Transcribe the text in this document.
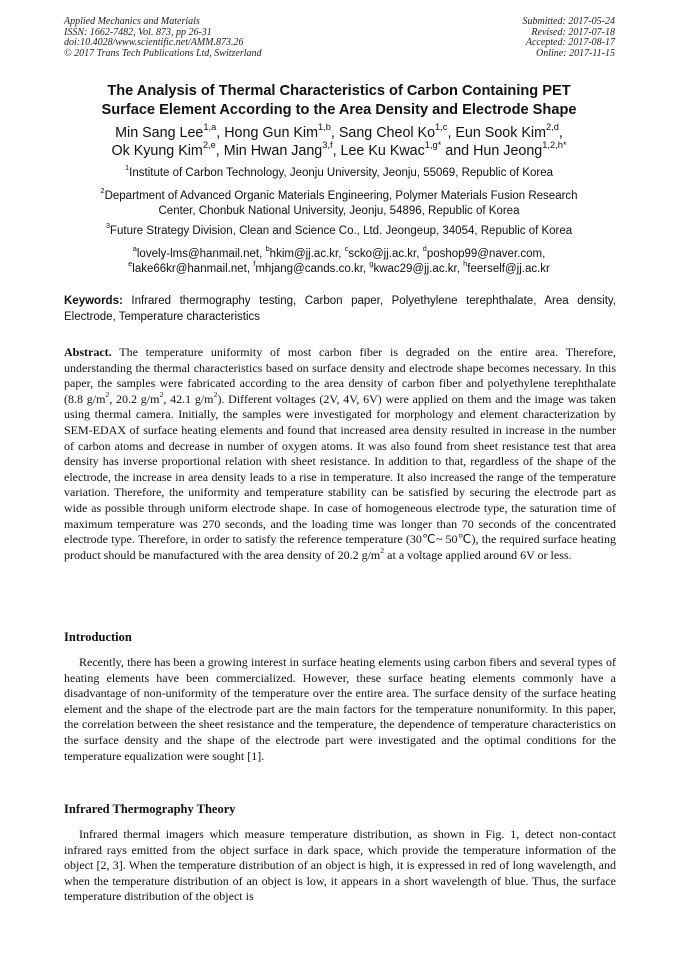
Applied Mechanics and Materials
ISSN: 1662-7482, Vol. 873, pp 26-31
doi:10.4028/www.scientific.net/AMM.873.26
© 2017 Trans Tech Publications Ltd, Switzerland
Submitted: 2017-05-24
Revised: 2017-07-18
Accepted: 2017-08-17
Online: 2017-11-15
The Analysis of Thermal Characteristics of Carbon Containing PET
Surface Element According to the Area Density and Electrode Shape
Min Sang Lee$^{1,a}$, Hong Gun Kim$^{1,b}$, Sang Cheol Ko$^{1,c}$, Eun Sook Kim$^{2,d}$,
Ok Kyung Kim$^{2,e}$, Min Hwan Jang$^{3,f}$, Lee Ku Kwac$^{1,g*}$ and Hun Jeong$^{1,2,h*}$
$^1$Institute of Carbon Technology, Jeonju University, Jeonju, 55069, Republic of Korea
$^2$Department of Advanced Organic Materials Engineering, Polymer Materials Fusion Research
Center, Chonbuk National University, Jeonju, 54896, Republic of Korea
$^3$Future Strategy Division, Clean and Science Co., Ltd. Jeongeup, 34054, Republic of Korea
$^a$lovely-lms@hanmail.net, $^b$hkim@jj.ac.kr, $^c$scko@jj.ac.kr, $^d$poshop99@naver.com,
$^e$lake66kr@hanmail.net, $^f$mhjang@cands.co.kr, $^g$kwac29@jj.ac.kr, $^h$feerself@jj.ac.kr
Keywords: Infrared thermography testing, Carbon paper, Polyethylene terephthalate, Area density, Electrode, Temperature characteristics

Abstract. The temperature uniformity of most carbon fiber is degraded on the entire area. Therefore, understanding the thermal characteristics based on surface density and electrode shape becomes necessary. In this paper, the samples were fabricated according to the area density of carbon fiber and polyethylene terephthalate (8.8 $g/m^2$, 20.2 $g/m^2$, 42.1 $g/m^2$). Different voltages (2V, 4V, 6V) were applied on them and the image was taken using thermal camera. Initially, the samples were investigated for morphology and element characterization by SEM-EDAX of surface heating elements and found that increased area density resulted in increase in the number of carbon atoms and decrease in number of oxygen atoms. It was also found from sheet resistance test that area density has inverse proportional relation with sheet resistance. In addition to that, regardless of the shape of the electrode, the increase in area density leads to a rise in temperature. It also increased the range of the temperature variation. Therefore, the uniformity and temperature stability can be satisfied by securing the electrode part as wide as possible through uniform electrode shape. In case of homogeneous electrode type, the saturation time of maximum temperature was 270 seconds, and the loading time was longer than 70 seconds of the concentrated electrode type. Therefore, in order to satisfy the reference temperature (30℃~ 50℃), the required surface heating product should be manufactured with the area density of 20.2 $g/m^2$ at a voltage applied around 6V or less.

Introduction

Recently, there has been a growing interest in surface heating elements using carbon fibers and several types of heating elements have been commercialized. However, these surface heating elements commonly have a disadvantage of non-uniformity of the temperature over the entire area. The surface density of the surface heating element and the shape of the electrode part are the main factors for the temperature nonuniformity. In this paper, the correlation between the sheet resistance and the temperature, the dependence of temperature characteristics on the surface density and the shape of the electrode part were investigated and the optimal conditions for the temperature equalization were sought [1].

Infrared Thermography Theory

Infrared thermal imagers which measure temperature distribution, as shown in Fig. 1, detect non-contact infrared rays emitted from the object surface in dark space, which provide the temperature information of the object [2, 3]. When the temperature distribution of an object is high, it is expressed in red of long wavelength, and when the temperature distribution of an object is low, it appears in a short wavelength of blue. Thus, the surface temperature distribution of the object is
